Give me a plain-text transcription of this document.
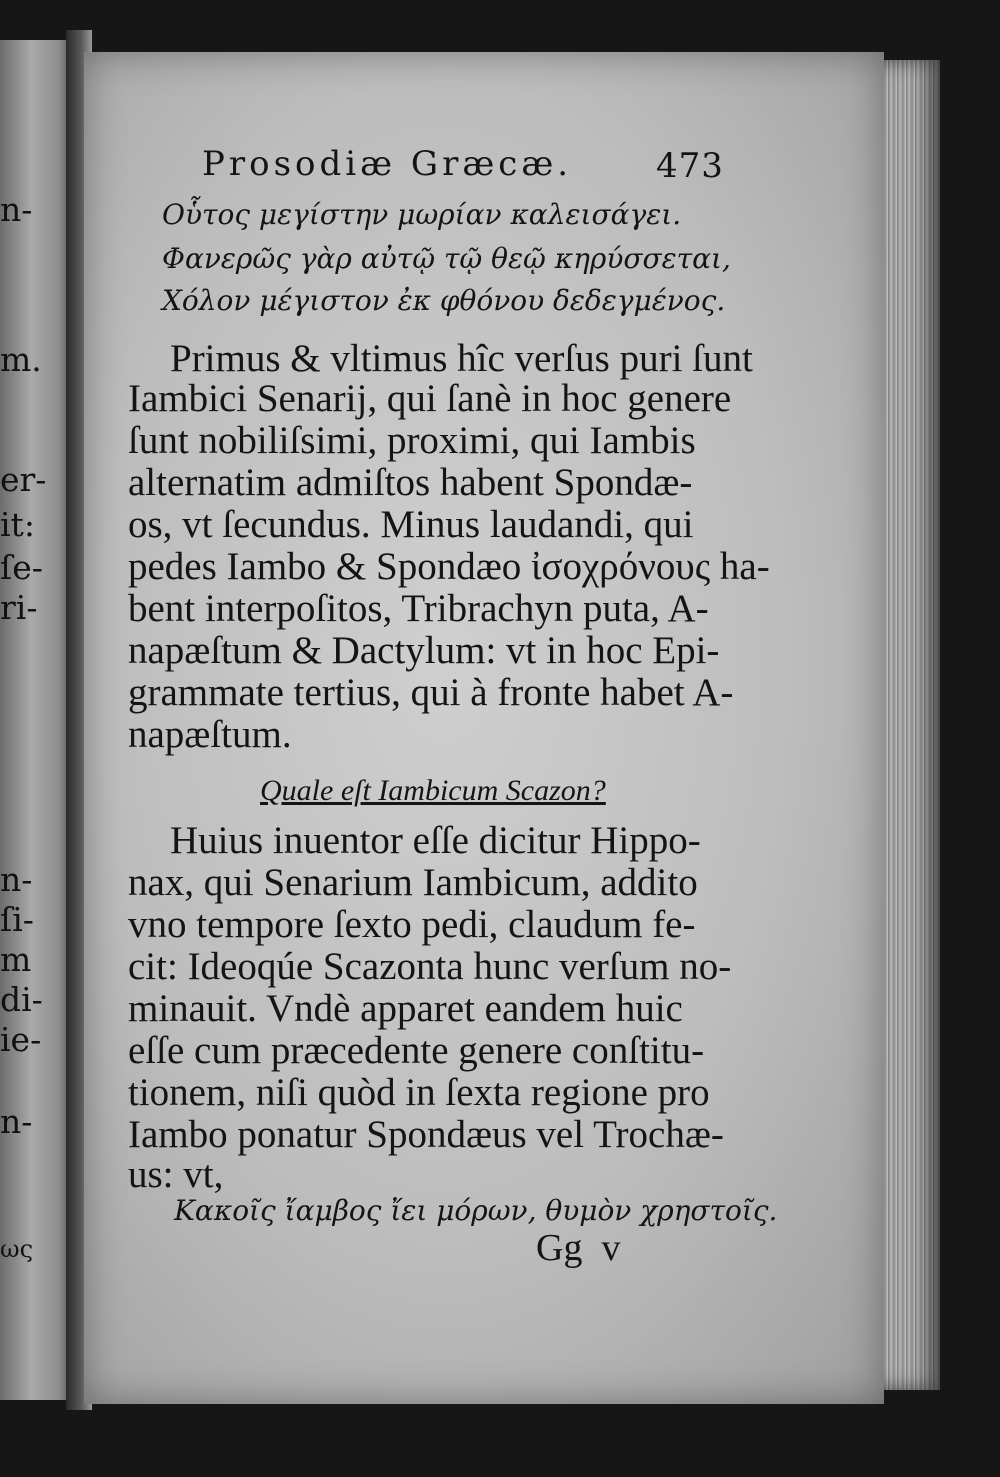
n-
m.
er-
it:
ſe-
ri-
n-
ſi-
m
di-
ie-
n-
ως
Prosodiæ Græcæ. 473
Οὗτος μεγίστην μωρίαν καλεισάγει.
Φανερῶς γὰρ αὐτῷ τῷ θεῷ κηρύσσεται,
Χόλον μέγιστον ἐκ φθόνου δεδεγμένος.
Primus & vltimus hîc verſus puri ſunt
Iambici Senarij, qui ſanè in hoc genere
ſunt nobiliſsimi, proximi, qui Iambis
alternatim admiſtos habent Spondæ-
os, vt ſecundus. Minus laudandi, qui
pedes Iambo & Spondæo ἰσοχρόνους ha-
bent interpoſitos, Tribrachyn puta, A-
napæſtum & Dactylum: vt in hoc Epi-
grammate tertius, qui à fronte habet A-
napæſtum.
Quale eſt Iambicum Scazon?
Huius inuentor eſſe dicitur Hippo-
nax, qui Senarium Iambicum, addito
vno tempore ſexto pedi, claudum fe-
cit: Ideoqúe Scazonta hunc verſum no-
minauit. Vndè apparet eandem huic
eſſe cum præcedente genere conſtitu-
tionem, niſi quòd in ſexta regione pro
Iambo ponatur Spondæus vel Trochæ-
us: vt,
Κακοῖς ἴαμβος ἴει μόρων, θυμὸν χρηστοῖς.
Gg  v
